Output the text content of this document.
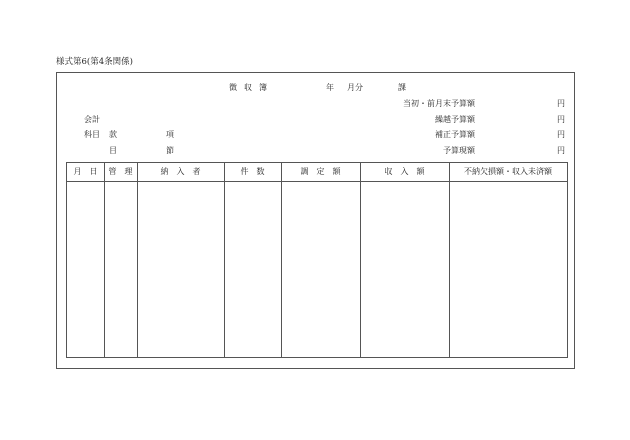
様式第6(第4条関係)
徴収簿	年 月分	課
会計
科目 款	項
目	節
当初・前月末予算額	円
繰越予算額	円
補正予算額	円
予算現額	円
月　日	管　理	納　入　者	件　数	調　定　額	収　入　額	不納欠損額・収入未済額
